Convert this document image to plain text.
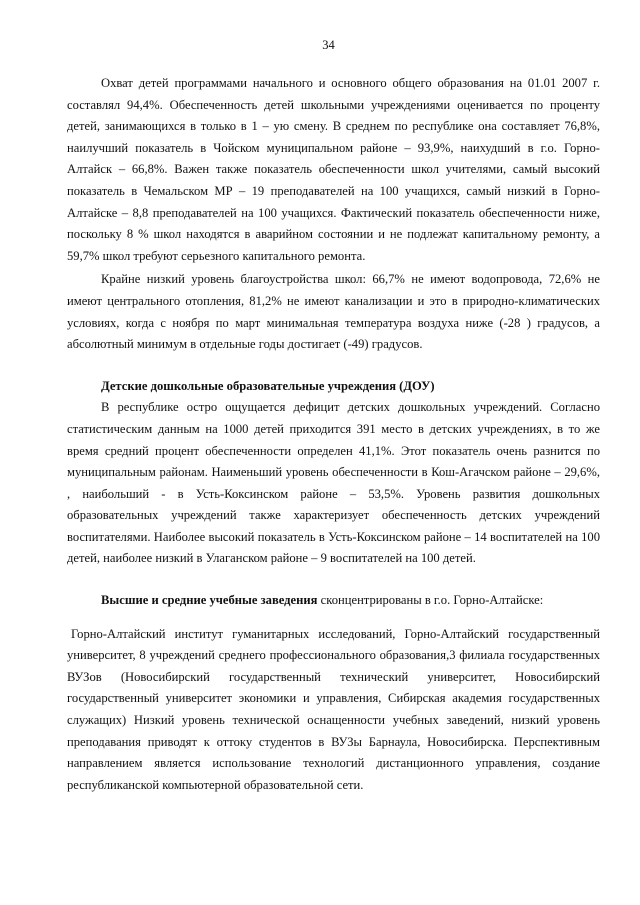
34

Охват детей программами начального и основного общего образования на 01.01 2007 г. составлял 94,4%. Обеспеченность детей школьными учреждениями оценивается по проценту детей, занимающихся в только в 1 – ую смену. В среднем по республике она составляет 76,8%, наилучший показатель в Чойском муниципальном районе – 93,9%, наихудший в г.о. Горно-Алтайск – 66,8%. Важен также показатель обеспеченности школ учителями, самый высокий показатель в Чемальском МР – 19 преподавателей на 100 учащихся, самый низкий в Горно-Алтайске – 8,8 преподавателей на 100 учащихся. Фактический показатель обеспеченности ниже, поскольку 8 % школ находятся в аварийном состоянии и не подлежат капитальному ремонту, а 59,7% школ требуют серьезного капитального ремонта.

Крайне низкий уровень благоустройства школ: 66,7% не имеют водопровода, 72,6% не имеют центрального отопления, 81,2% не имеют канализации и это в природно-климатических условиях, когда с ноября по март минимальная температура воздуха ниже (-28 ) градусов, а абсолютный минимум в отдельные годы достигает (-49) градусов.

Детские дошкольные образовательные учреждения (ДОУ)

В республике остро ощущается дефицит детских дошкольных учреждений. Согласно статистическим данным на 1000 детей приходится 391 место в детских учреждениях, в то же время средний процент обеспеченности определен 41,1%. Этот показатель очень разнится по муниципальным районам. Наименьший уровень обеспеченности в Кош-Агачском районе – 29,6%, , наибольший - в Усть-Коксинском районе – 53,5%. Уровень развития дошкольных образовательных учреждений также характеризует обеспеченность детских учреждений воспитателями. Наиболее высокий показатель в Усть-Коксинском районе – 14 воспитателей на 100 детей, наиболее низкий в Улаганском районе – 9 воспитателей на 100 детей.

Высшие и средние учебные заведения сконцентрированы в г.о. Горно-Алтайске:

Горно-Алтайский институт гуманитарных исследований, Горно-Алтайский государственный университет, 8 учреждений среднего профессионального образования,3 филиала государственных ВУЗов (Новосибирский государственный технический университет, Новосибирский государственный университет экономики и управления, Сибирская академия государственных служащих) Низкий уровень технической оснащенности учебных заведений, низкий уровень преподавания приводят к оттоку студентов в ВУЗы Барнаула, Новосибирска. Перспективным направлением является использование технологий дистанционного управления, создание республиканской компьютерной образовательной сети.
